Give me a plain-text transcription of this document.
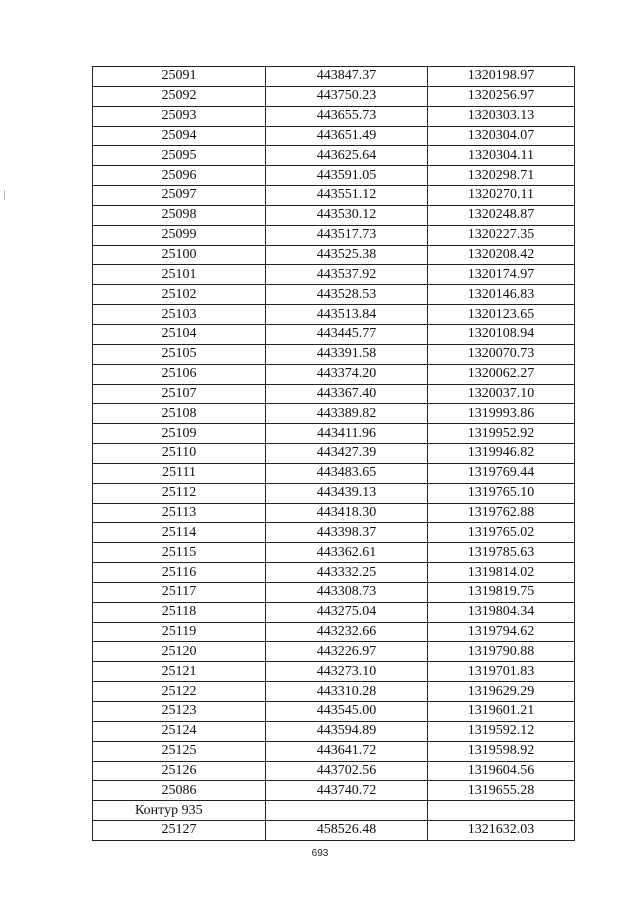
25091	443847.37	1320198.97
25092	443750.23	1320256.97
25093	443655.73	1320303.13
25094	443651.49	1320304.07
25095	443625.64	1320304.11
25096	443591.05	1320298.71
25097	443551.12	1320270.11
25098	443530.12	1320248.87
25099	443517.73	1320227.35
25100	443525.38	1320208.42
25101	443537.92	1320174.97
25102	443528.53	1320146.83
25103	443513.84	1320123.65
25104	443445.77	1320108.94
25105	443391.58	1320070.73
25106	443374.20	1320062.27
25107	443367.40	1320037.10
25108	443389.82	1319993.86
25109	443411.96	1319952.92
25110	443427.39	1319946.82
25111	443483.65	1319769.44
25112	443439.13	1319765.10
25113	443418.30	1319762.88
25114	443398.37	1319765.02
25115	443362.61	1319785.63
25116	443332.25	1319814.02
25117	443308.73	1319819.75
25118	443275.04	1319804.34
25119	443232.66	1319794.62
25120	443226.97	1319790.88
25121	443273.10	1319701.83
25122	443310.28	1319629.29
25123	443545.00	1319601.21
25124	443594.89	1319592.12
25125	443641.72	1319598.92
25126	443702.56	1319604.56
25086	443740.72	1319655.28
Контур 935		
25127	458526.48	1321632.03
693
